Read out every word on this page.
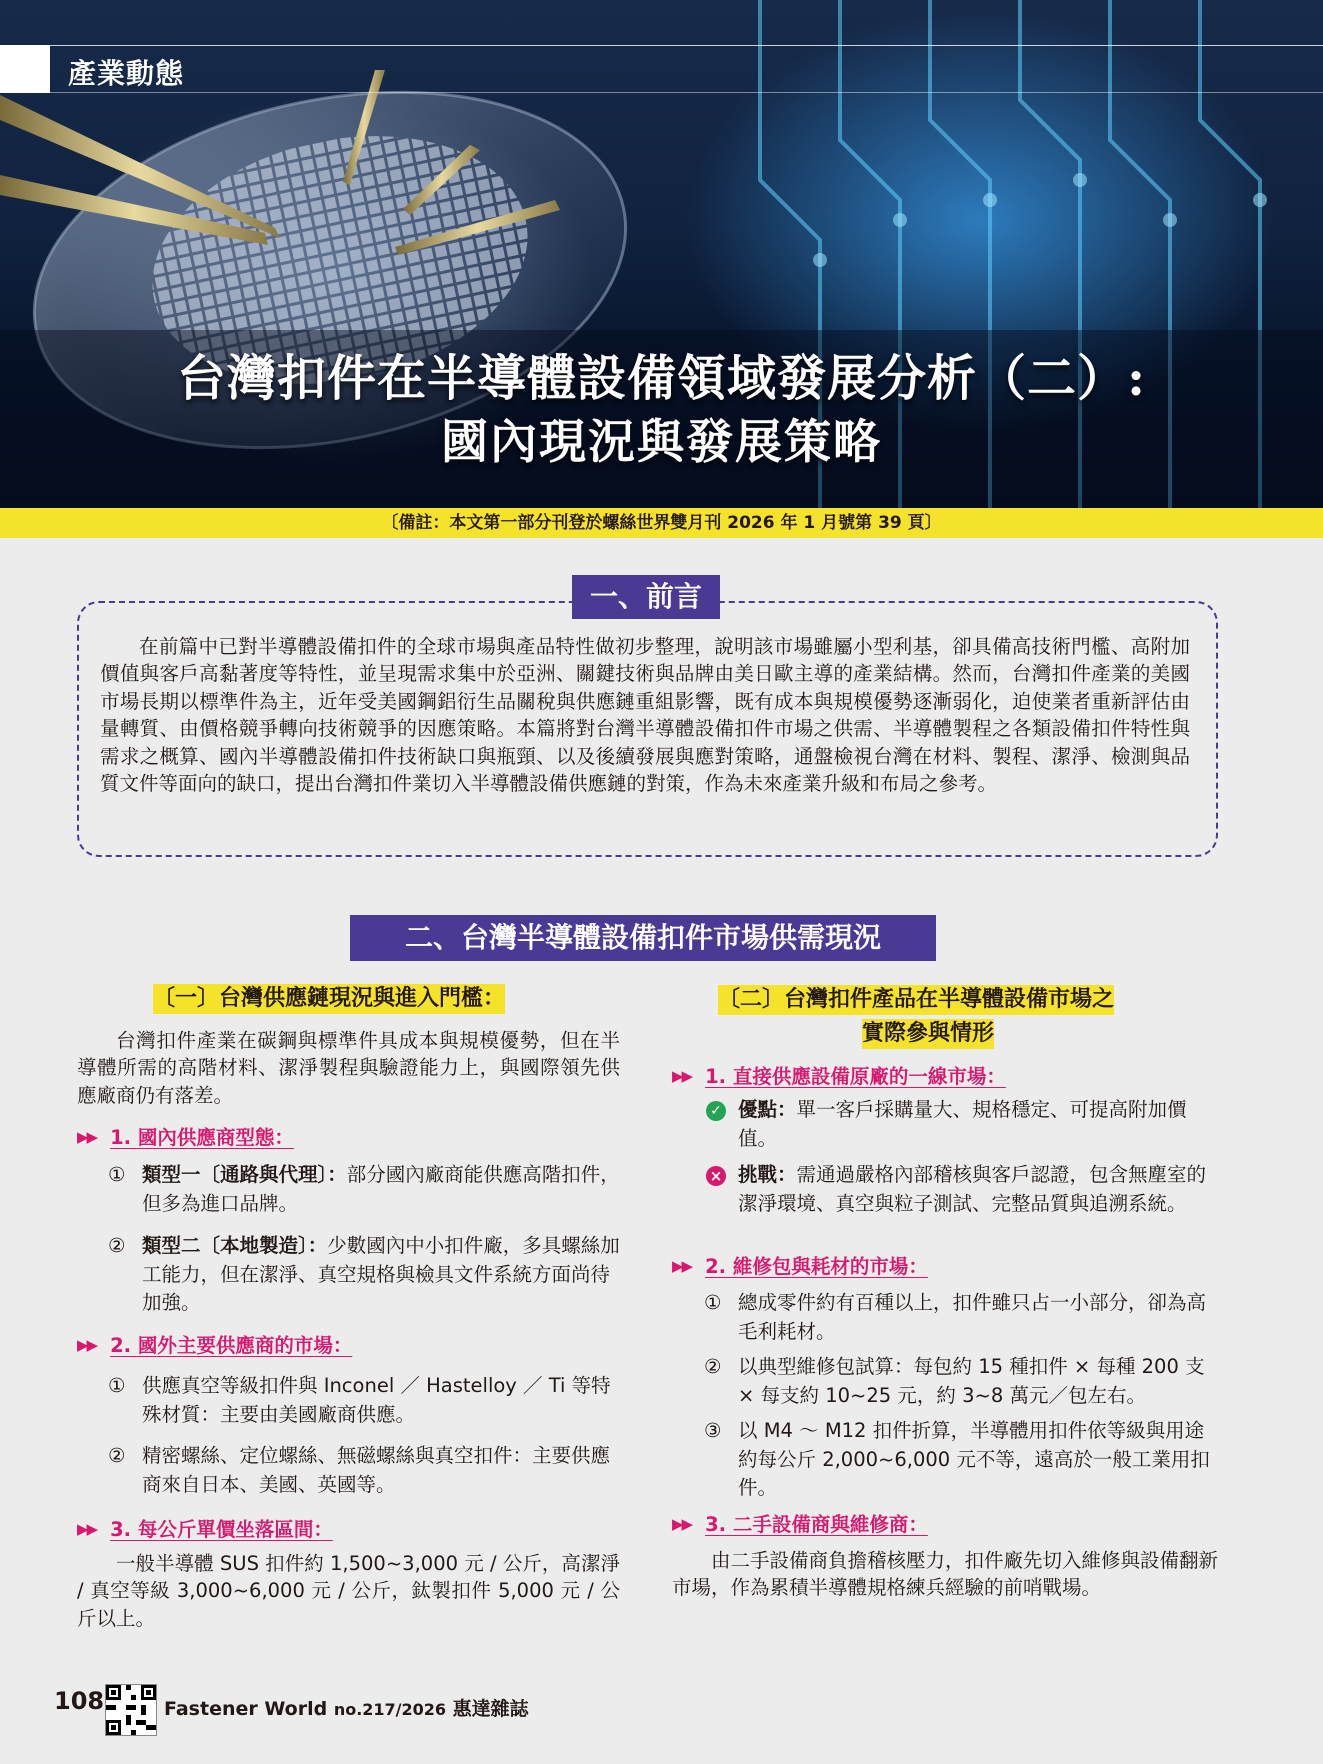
產業動態
台灣扣件在半導體設備領域發展分析（二）:
國內現況與發展策略
〔備註：本文第一部分刊登於螺絲世界雙月刊 2026 年 1 月號第 39 頁〕
一、前言

在前篇中已對半導體設備扣件的全球市場與產品特性做初步整理，說明該市場雖屬小型利基，卻具備高技術門檻、高附加價值與客戶高黏著度等特性，並呈現需求集中於亞洲、關鍵技術與品牌由美日歐主導的產業結構。然而，台灣扣件產業的美國市場長期以標準件為主，近年受美國鋼鋁衍生品關稅與供應鏈重組影響，既有成本與規模優勢逐漸弱化，迫使業者重新評估由量轉質、由價格競爭轉向技術競爭的因應策略。本篇將對台灣半導體設備扣件市場之供需、半導體製程之各類設備扣件特性與需求之概算、國內半導體設備扣件技術缺口與瓶頸、以及後續發展與應對策略，通盤檢視台灣在材料、製程、潔淨、檢測與品質文件等面向的缺口，提出台灣扣件業切入半導體設備供應鏈的對策，作為未來產業升級和布局之參考。

二、台灣半導體設備扣件市場供需現況
〔一〕台灣供應鏈現況與進入門檻：

台灣扣件產業在碳鋼與標準件具成本與規模優勢，但在半導體所需的高階材料、潔淨製程與驗證能力上，與國際領先供應廠商仍有落差。

▶▶ 1. 國內供應商型態：
① 類型一〔通路與代理〕：部分國內廠商能供應高階扣件，但多為進口品牌。
② 類型二〔本地製造〕：少數國內中小扣件廠，多具螺絲加工能力，但在潔淨、真空規格與檢具文件系統方面尚待加強。
▶▶ 2. 國外主要供應商的市場：
① 供應真空等級扣件與 Inconel ／ Hastelloy ／ Ti 等特殊材質：主要由美國廠商供應。
② 精密螺絲、定位螺絲、無磁螺絲與真空扣件：主要供應商來自日本、美國、英國等。
▶▶ 3. 每公斤單價坐落區間：

一般半導體 SUS 扣件約 1,500~3,000 元 / 公斤，高潔淨 / 真空等級 3,000~6,000 元 / 公斤，鈦製扣件 5,000 元 / 公斤以上。

〔二〕台灣扣件產品在半導體設備市場之
實際參與情形
▶▶ 1. 直接供應設備原廠的一線市場：
✓ 優點：單一客戶採購量大、規格穩定、可提高附加價值。
× 挑戰：需通過嚴格內部稽核與客戶認證，包含無塵室的潔淨環境、真空與粒子測試、完整品質與追溯系統。
▶▶ 2. 維修包與耗材的市場：
① 總成零件約有百種以上，扣件雖只占一小部分，卻為高毛利耗材。
② 以典型維修包試算：每包約 15 種扣件 × 每種 200 支 × 每支約 10~25 元，約 3~8 萬元／包左右。
③ 以 M4 ～ M12 扣件折算，半導體用扣件依等級與用途約每公斤 2,000~6,000 元不等，遠高於一般工業用扣件。
▶▶ 3. 二手設備商與維修商：

由二手設備商負擔稽核壓力，扣件廠先切入維修與設備翻新市場，作為累積半導體規格練兵經驗的前哨戰場。

108	Fastener World no.217/2026 惠達雜誌
